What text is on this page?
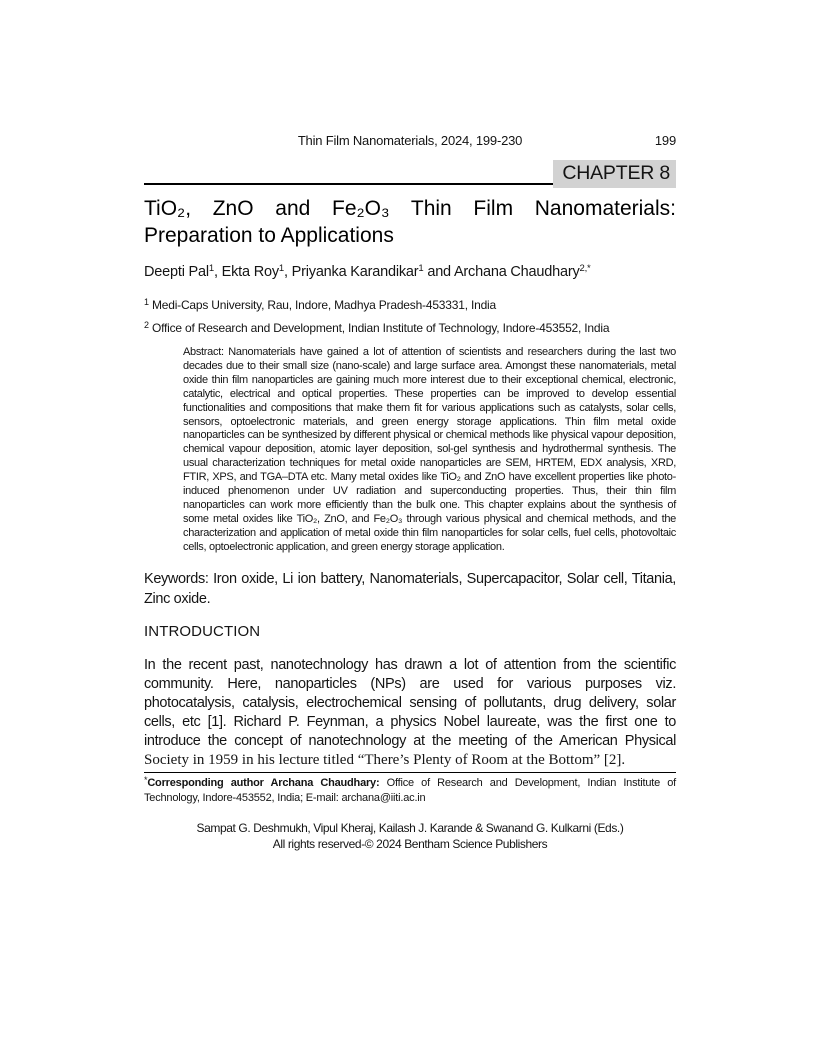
Thin Film Nanomaterials, 2024, 199-230	199
CHAPTER 8
TiO₂, ZnO and Fe₂O₃ Thin Film Nanomaterials:
Preparation to Applications

Deepti Pal$^1$, Ekta Roy$^1$, Priyanka Karandikar$^1$ and Archana Chaudhary$^{2,*}$

$^1$ Medi-Caps University, Rau, Indore, Madhya Pradesh-453331, India

$^2$ Office of Research and Development, Indian Institute of Technology, Indore-453552, India

Abstract: Nanomaterials have gained a lot of attention of scientists and researchers during the last two decades due to their small size (nano-scale) and large surface area. Amongst these nanomaterials, metal oxide thin film nanoparticles are gaining much more interest due to their exceptional chemical, electronic, catalytic, electrical and optical properties. These properties can be improved to develop essential functionalities and compositions that make them fit for various applications such as catalysts, solar cells, sensors, optoelectronic materials, and green energy storage applications. Thin film metal oxide nanoparticles can be synthesized by different physical or chemical methods like physical vapour deposition, chemical vapour deposition, atomic layer deposition, sol-gel synthesis and hydrothermal synthesis. The usual characterization techniques for metal oxide nanoparticles are SEM, HRTEM, EDX analysis, XRD, FTIR, XPS, and TGA–DTA etc. Many metal oxides like TiO₂ and ZnO have excellent properties like photo-induced phenomenon under UV radiation and superconducting properties. Thus, their thin film nanoparticles can work more efficiently than the bulk one. This chapter explains about the synthesis of some metal oxides like TiO₂, ZnO, and Fe₂O₃ through various physical and chemical methods, and the characterization and application of metal oxide thin film nanoparticles for solar cells, fuel cells, photovoltaic cells, optoelectronic application, and green energy storage application.

Keywords: Iron oxide, Li ion battery, Nanomaterials, Supercapacitor, Solar cell, Titania, Zinc oxide.

INTRODUCTION

In the recent past, nanotechnology has drawn a lot of attention from the scientific community. Here, nanoparticles (NPs) are used for various purposes viz. photocatalysis, catalysis, electrochemical sensing of pollutants, drug delivery, solar cells, etc [1]. Richard P. Feynman, a physics Nobel laureate, was the first one to introduce the concept of nanotechnology at the meeting of the American Physical Society in 1959 in his lecture titled “There’s Plenty of Room at the Bottom” [2].

*Corresponding author Archana Chaudhary: Office of Research and Development, Indian Institute of Technology, Indore-453552, India; E-mail: archana@iiti.ac.in

Sampat G. Deshmukh, Vipul Kheraj, Kailash J. Karande & Swanand G. Kulkarni (Eds.)
All rights reserved-© 2024 Bentham Science Publishers
